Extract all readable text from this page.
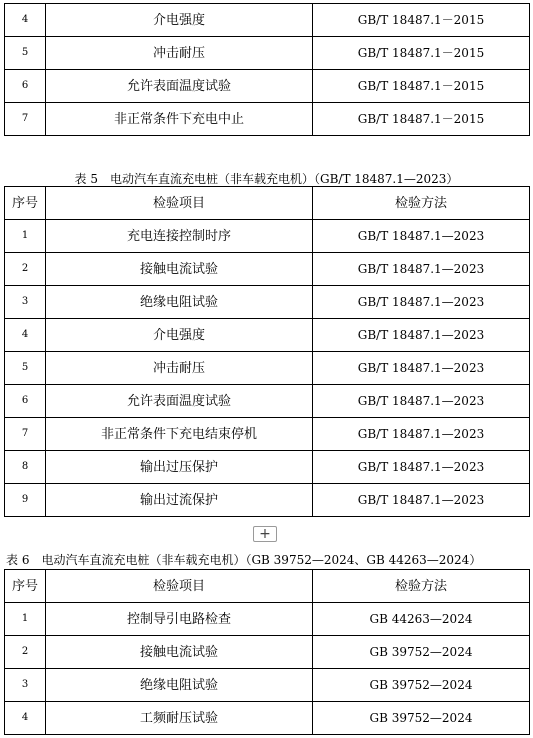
4	介电强度	GB/T 18487.1－2015
5	冲击耐压	GB/T 18487.1－2015
6	允许表面温度试验	GB/T 18487.1－2015
7	非正常条件下充电中止	GB/T 18487.1－2015
表 5　电动汽车直流充电桩（非车载充电机）（GB/T 18487.1—2023）
序号	检验项目	检验方法
1	充电连接控制时序	GB/T 18487.1—2023
2	接触电流试验	GB/T 18487.1—2023
3	绝缘电阻试验	GB/T 18487.1—2023
4	介电强度	GB/T 18487.1—2023
5	冲击耐压	GB/T 18487.1—2023
6	允许表面温度试验	GB/T 18487.1—2023
7	非正常条件下充电结束停机	GB/T 18487.1—2023
8	输出过压保护	GB/T 18487.1—2023
9	输出过流保护	GB/T 18487.1—2023
+
表 6　电动汽车直流充电桩（非车载充电机）（GB 39752—2024、GB 44263—2024）
序号	检验项目	检验方法
1	控制导引电路检查	GB 44263—2024
2	接触电流试验	GB 39752—2024
3	绝缘电阻试验	GB 39752—2024
4	工频耐压试验	GB 39752—2024
